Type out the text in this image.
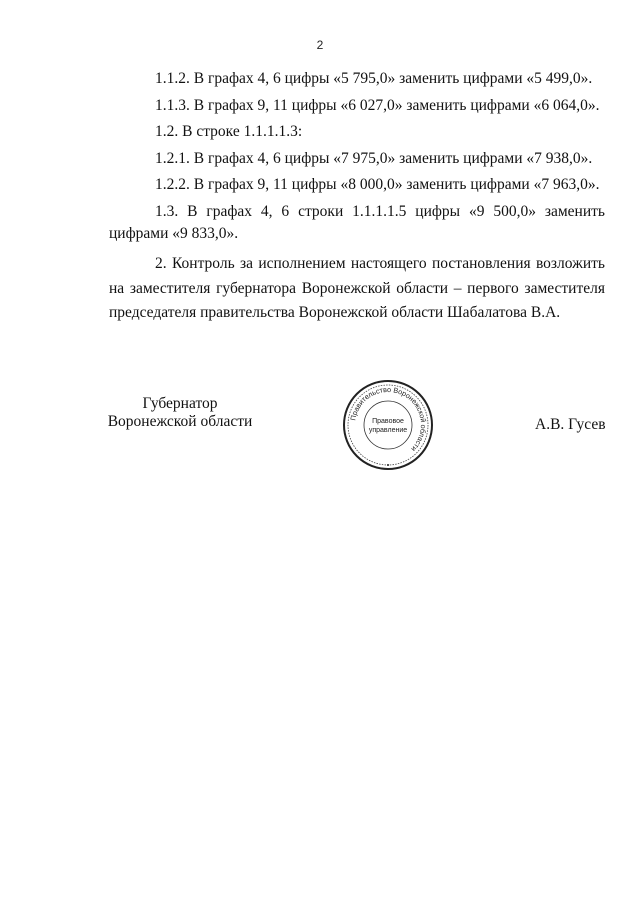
2
1.1.2. В графах 4, 6 цифры «5 795,0» заменить цифрами «5 499,0».
1.1.3. В графах 9, 11 цифры «6 027,0» заменить цифрами «6 064,0».
1.2. В строке 1.1.1.1.3:
1.2.1. В графах 4, 6 цифры «7 975,0» заменить цифрами «7 938,0».
1.2.2. В графах 9, 11 цифры «8 000,0» заменить цифрами «7 963,0».
1.3. В графах 4, 6 строки 1.1.1.1.5 цифры «9 500,0» заменить
цифрами «9 833,0».
2. Контроль за исполнением настоящего постановления возложить
на заместителя губернатора Воронежской области – первого заместителя
председателя правительства Воронежской области Шабалатова В.А.
Губернатор
Воронежской области	Правительство Воронежской области
Правовое
управление	А.В. Гусев
